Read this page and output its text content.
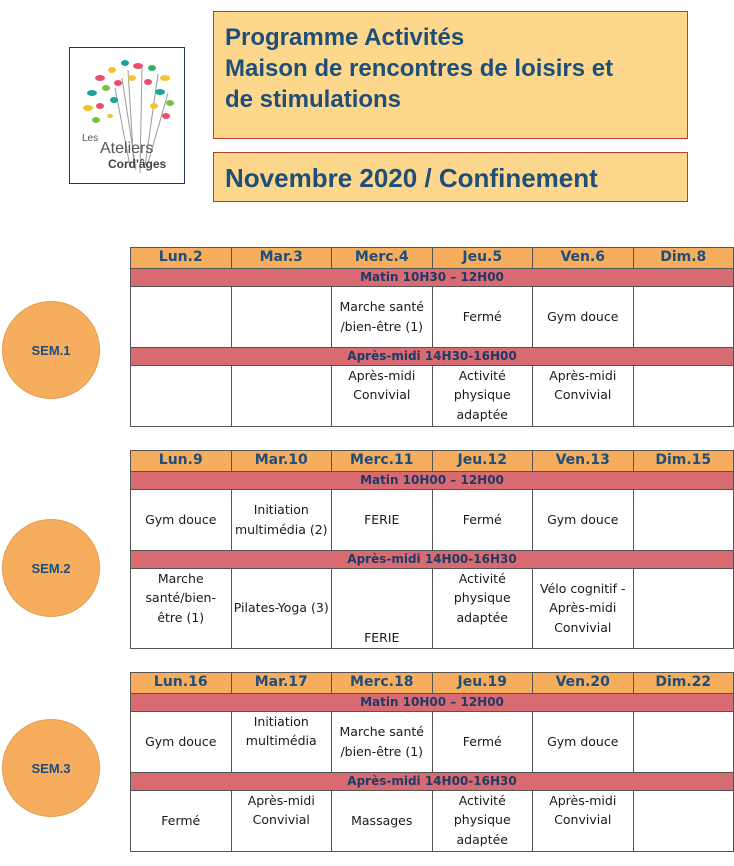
Les
Ateliers
Cord'âges
Programme Activités
Maison de rencontres de loisirs et
de stimulations
Novembre 2020 / Confinement
SEM.1
SEM.2
SEM.3
Lun.2	Mar.3	Merc.4	Jeu.5	Ven.6	Dim.8
Matin 10H30 – 12H00					
		Marche santé /bien-être (1)	Fermé	Gym douce	
Après-midi 14H30-16H00					
		Après-midi Convivial	Activité physique adaptée	Après-midi Convivial	
Lun.9	Mar.10	Merc.11	Jeu.12	Ven.13	Dim.15
Matin 10H00 – 12H00					
Gym douce	Initiation multimédia (2)	FERIE	Fermé	Gym douce	
Après-midi 14H00-16H30					
Marche santé/bien-être (1)	Pilates-Yoga (3)	FERIE	Activité physique adaptée	Vélo cognitif - Après-midi Convivial	
Lun.16	Mar.17	Merc.18	Jeu.19	Ven.20	Dim.22
Matin 10H00 – 12H00					
Gym douce	Initiation multimédia	Marche santé /bien-être (1)	Fermé	Gym douce	
Après-midi 14H00-16H30					
Fermé	Après-midi Convivial	Massages	Activité physique adaptée	Après-midi Convivial	
